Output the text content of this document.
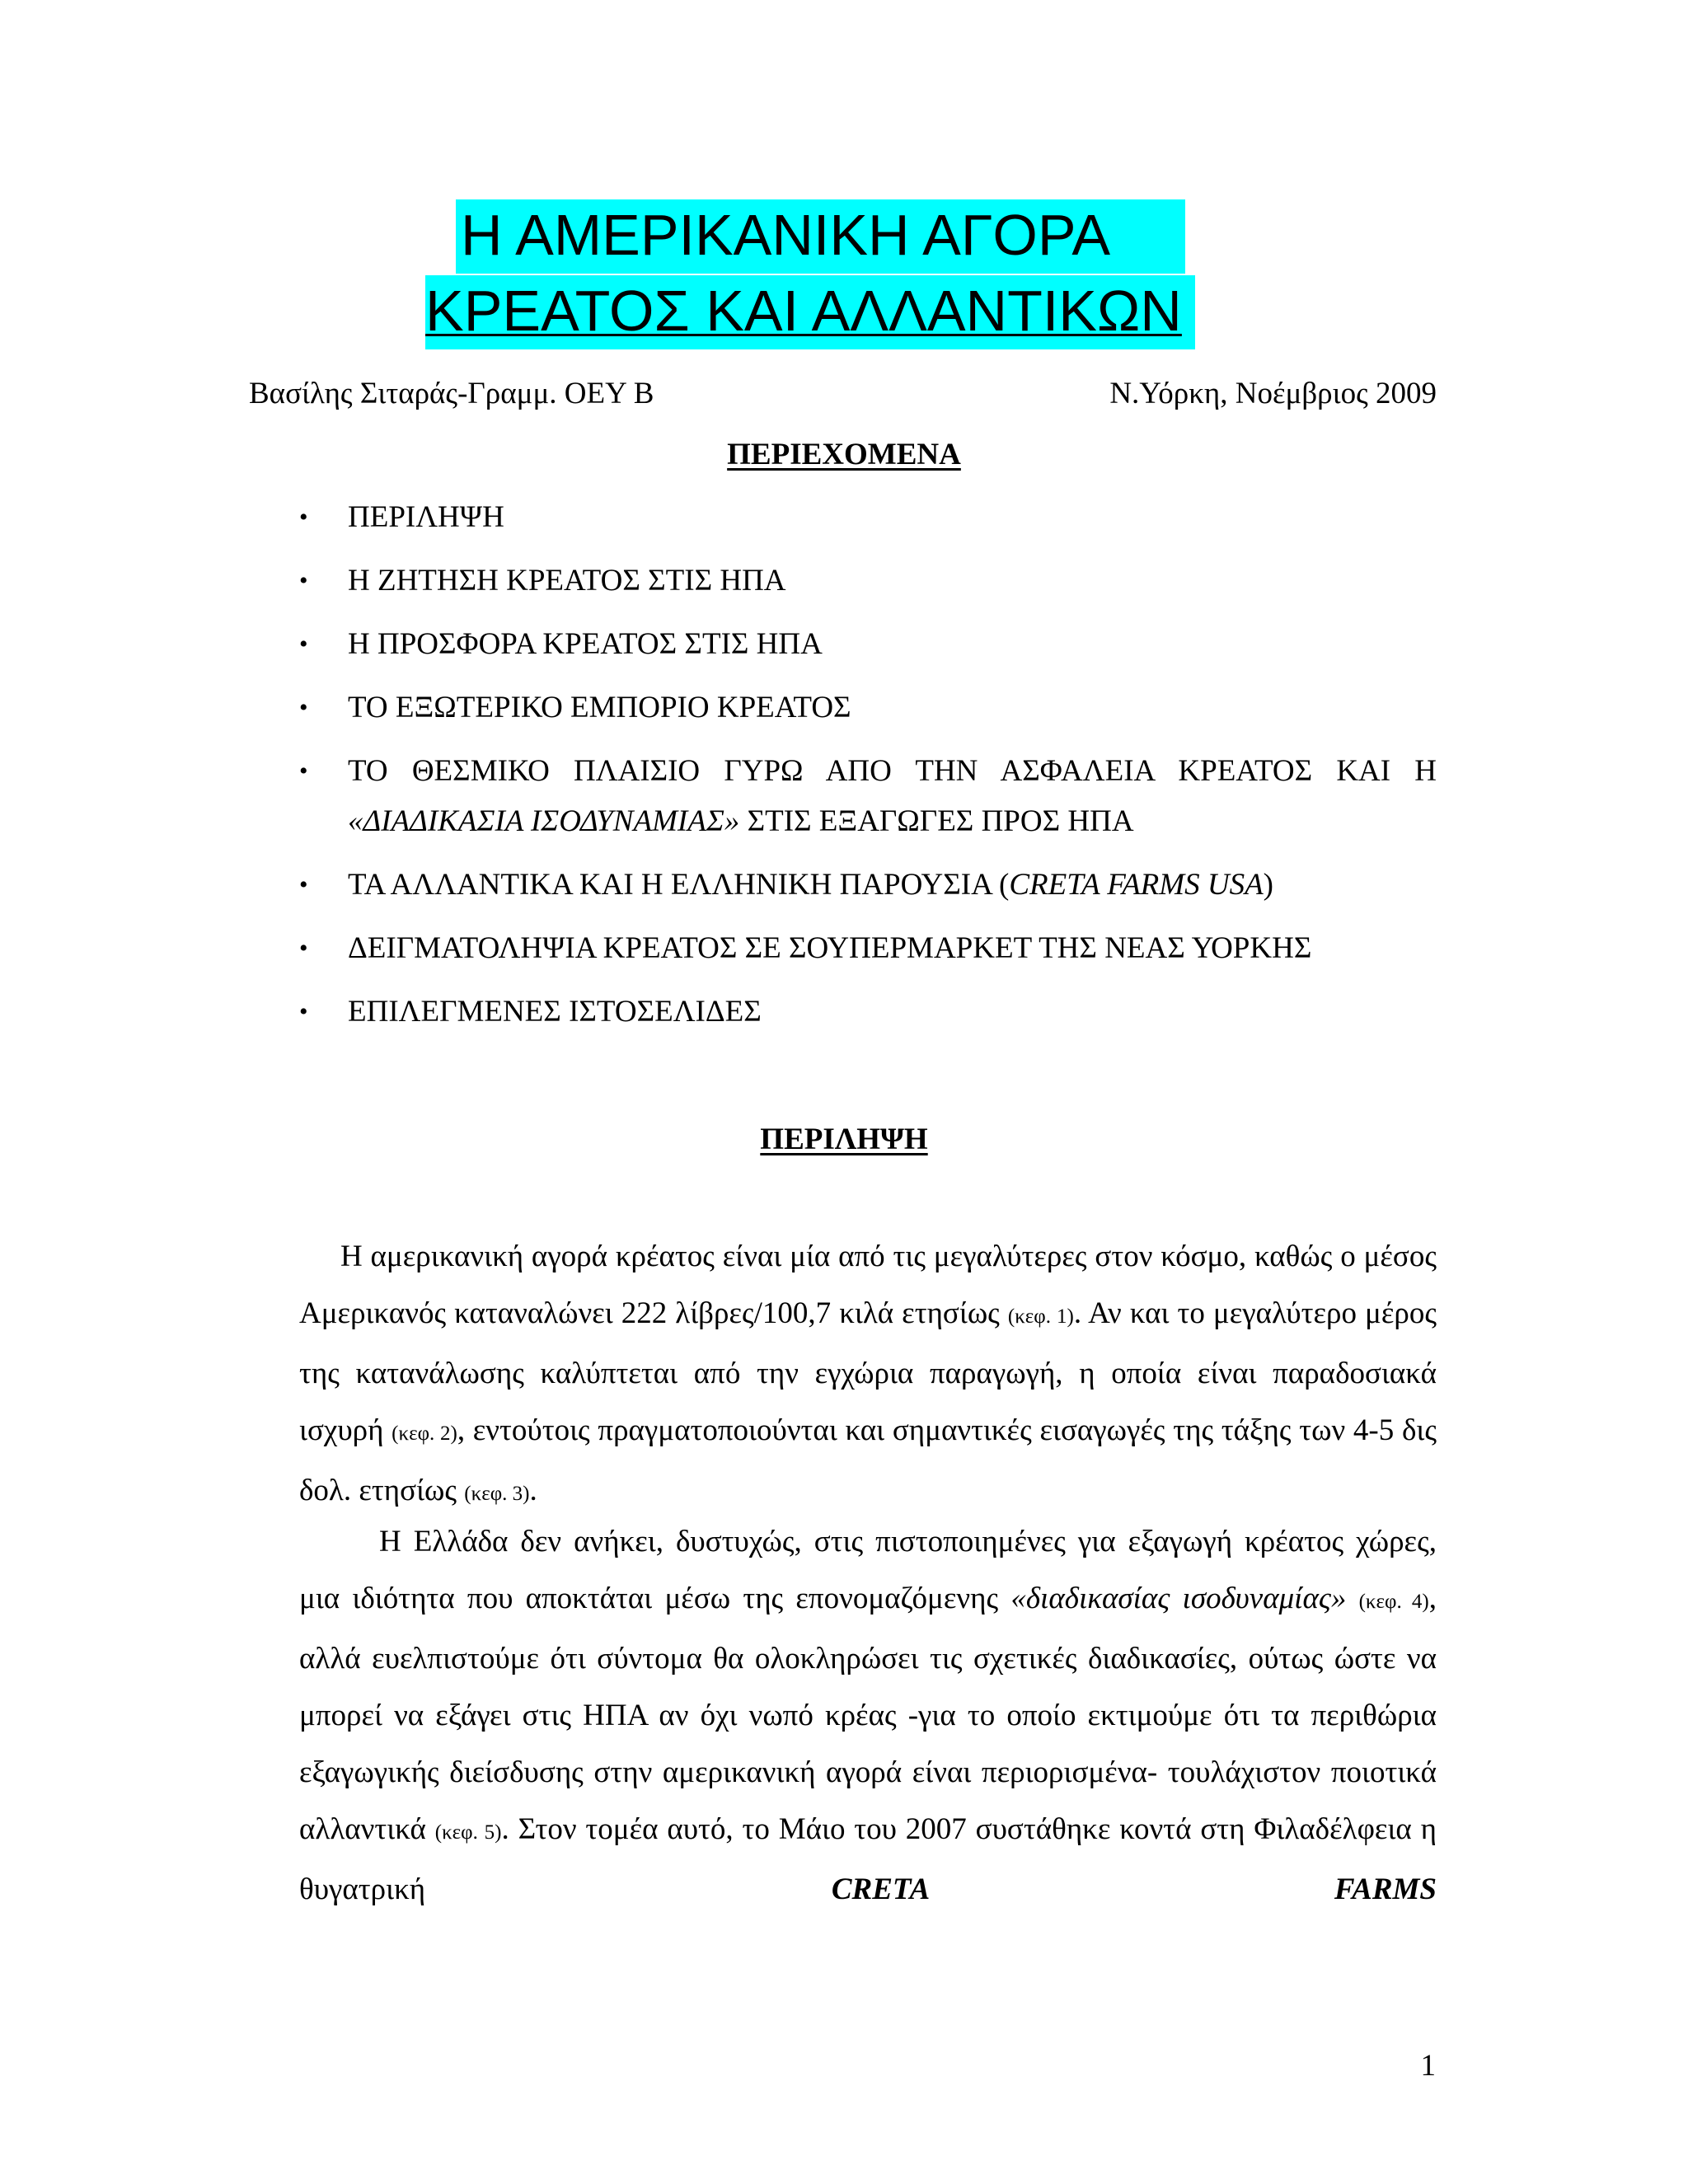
Η ΑΜΕΡΙΚΑΝΙΚΗ ΑΓΟΡΑ
ΚΡΕΑΤΟΣ ΚΑΙ ΑΛΛΑΝΤΙΚΩΝ
Βασίλης Σιταράς-Γραμμ. ΟΕΥ Β	Ν.Υόρκη, Νοέμβριος 2009
ΠΕΡΙΕΧΟΜΕΝΑ
• ΠΕΡΙΛΗΨΗ
• Η ΖΗΤΗΣΗ ΚΡΕΑΤΟΣ ΣΤΙΣ ΗΠΑ
• Η ΠΡΟΣΦΟΡΑ ΚΡΕΑΤΟΣ ΣΤΙΣ ΗΠΑ
• ΤΟ ΕΞΩΤΕΡΙΚΟ ΕΜΠΟΡΙΟ ΚΡΕΑΤΟΣ
• ΤΟ ΘΕΣΜΙΚΟ ΠΛΑΙΣΙΟ ΓΥΡΩ ΑΠΟ ΤΗΝ ΑΣΦΑΛΕΙΑ ΚΡΕΑΤΟΣ ΚΑΙ Η
«ΔΙΑΔΙΚΑΣΙΑ ΙΣΟΔΥΝΑΜΙΑΣ» ΣΤΙΣ ΕΞΑΓΩΓΕΣ ΠΡΟΣ ΗΠΑ
• ΤΑ ΑΛΛΑΝΤΙΚΑ ΚΑΙ Η ΕΛΛΗΝΙΚΗ ΠΑΡΟΥΣΙΑ (CRETA FARMS USA)
• ΔΕΙΓΜΑΤΟΛΗΨΙΑ ΚΡΕΑΤΟΣ ΣΕ ΣΟΥΠΕΡΜΑΡΚΕΤ ΤΗΣ ΝΕΑΣ ΥΟΡΚΗΣ
• ΕΠΙΛΕΓΜΕΝΕΣ ΙΣΤΟΣΕΛΙΔΕΣ
ΠΕΡΙΛΗΨΗ

Η αμερικανική αγορά κρέατος είναι μία από τις μεγαλύτερες στον κόσμο, καθώς ο μέσος Αμερικανός καταναλώνει 222 λίβρες/100,7 κιλά ετησίως (κεφ. 1). Αν και το μεγαλύτερο μέρος της κατανάλωσης καλύπτεται από την εγχώρια παραγωγή, η οποία είναι παραδοσιακά ισχυρή (κεφ. 2), εντούτοις πραγματοποιούνται και σημαντικές εισαγωγές της τάξης των 4-5 δις δολ. ετησίως (κεφ. 3).

Η Ελλάδα δεν ανήκει, δυστυχώς, στις πιστοποιημένες για εξαγωγή κρέατος χώρες, μια ιδιότητα που αποκτάται μέσω της επονομαζόμενης «διαδικασίας ισοδυναμίας» (κεφ. 4), αλλά ευελπιστούμε ότι σύντομα θα ολοκληρώσει τις σχετικές διαδικασίες, ούτως ώστε να μπορεί να εξάγει στις ΗΠΑ αν όχι νωπό κρέας -για το οποίο εκτιμούμε ότι τα περιθώρια εξαγωγικής διείσδυσης στην αμερικανική αγορά είναι περιορισμένα- τουλάχιστον ποιοτικά αλλαντικά (κεφ. 5). Στον τομέα αυτό, το Μάιο του 2007 συστάθηκε κοντά στη Φιλαδέλφεια η θυγατρική CRETA FARMS

1
